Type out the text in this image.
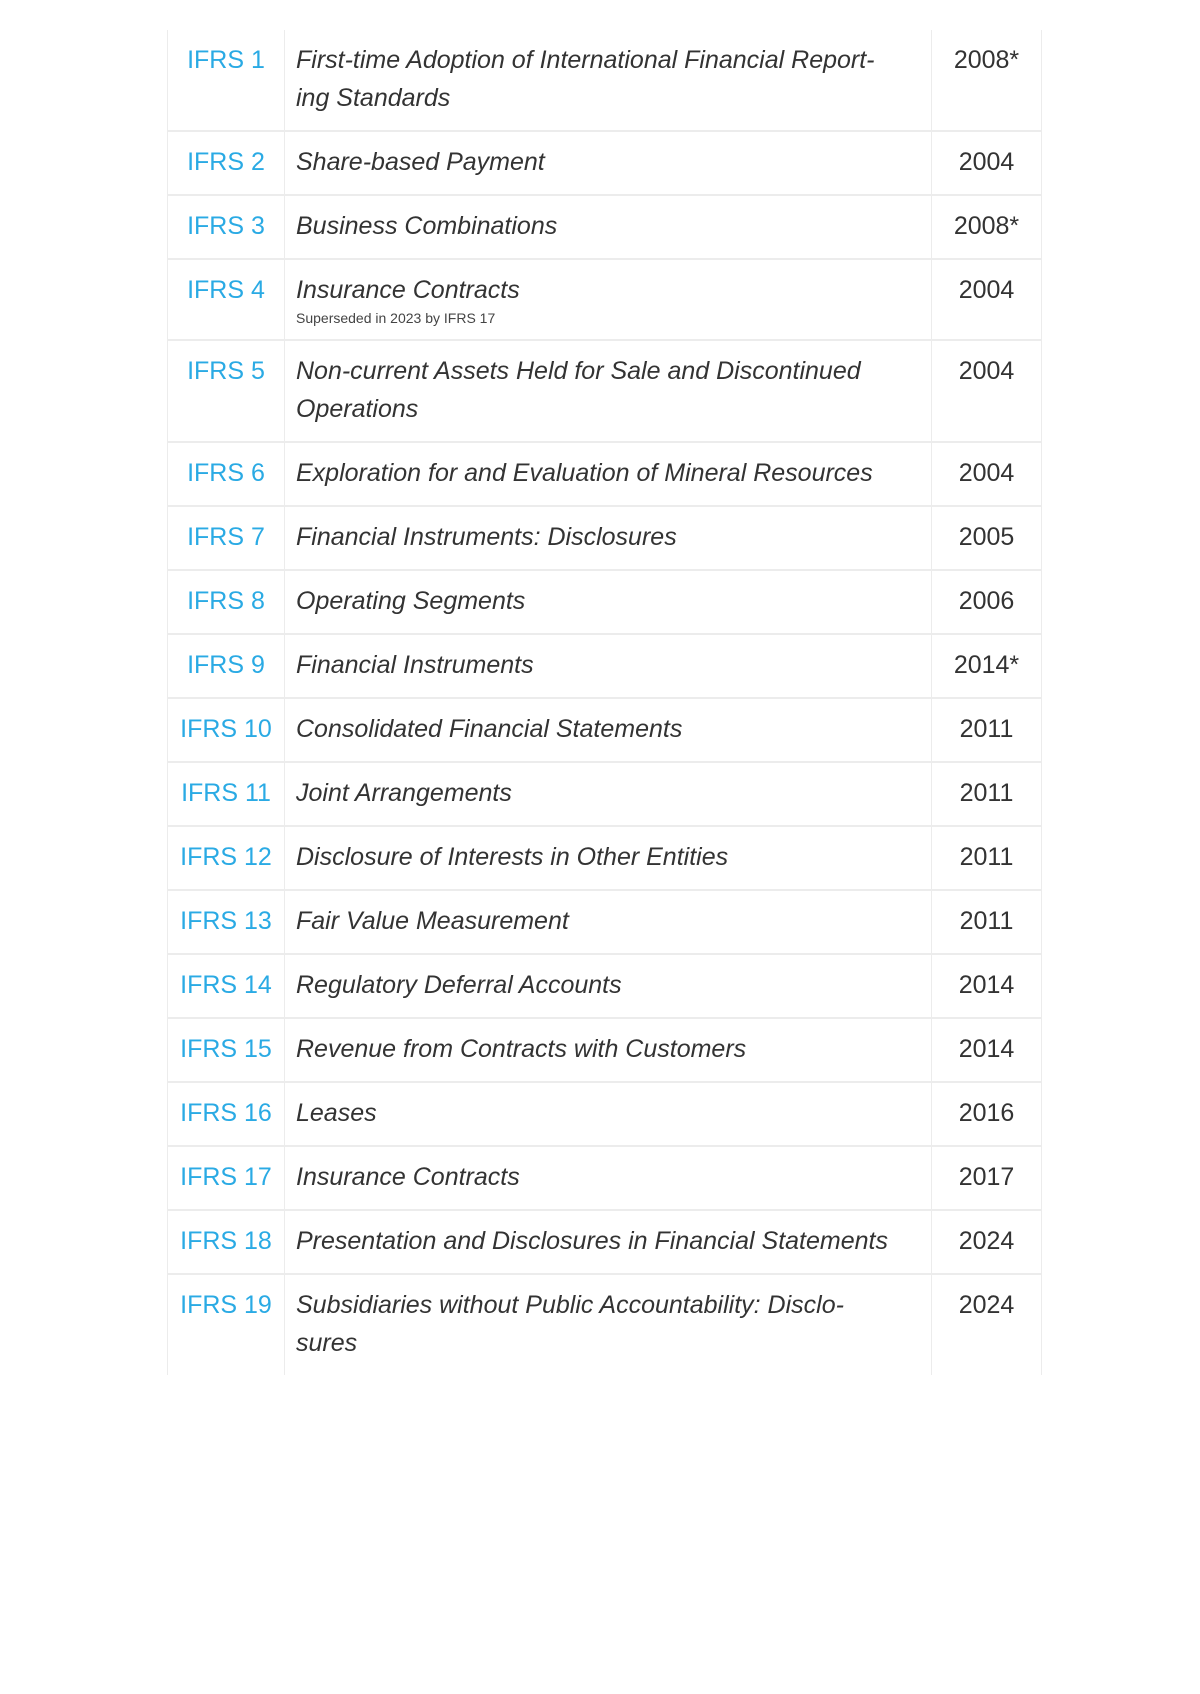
IFRS 1	First-time Adoption of International Financial Report-
ing Standards	2008*
IFRS 2	Share-based Payment	2004
IFRS 3	Business Combinations	2008*
IFRS 4	Insurance Contracts
Superseded in 2023 by IFRS 17	2004
IFRS 5	Non-current Assets Held for Sale and Discontinued
Operations	2004
IFRS 6	Exploration for and Evaluation of Mineral Resources	2004
IFRS 7	Financial Instruments: Disclosures	2005
IFRS 8	Operating Segments	2006
IFRS 9	Financial Instruments	2014*
IFRS 10	Consolidated Financial Statements	2011
IFRS 11	Joint Arrangements	2011
IFRS 12	Disclosure of Interests in Other Entities	2011
IFRS 13	Fair Value Measurement	2011
IFRS 14	Regulatory Deferral Accounts	2014
IFRS 15	Revenue from Contracts with Customers	2014
IFRS 16	Leases	2016
IFRS 17	Insurance Contracts	2017
IFRS 18	Presentation and Disclosures in Financial Statements	2024
IFRS 19	Subsidiaries without Public Accountability: Disclo-
sures	2024
